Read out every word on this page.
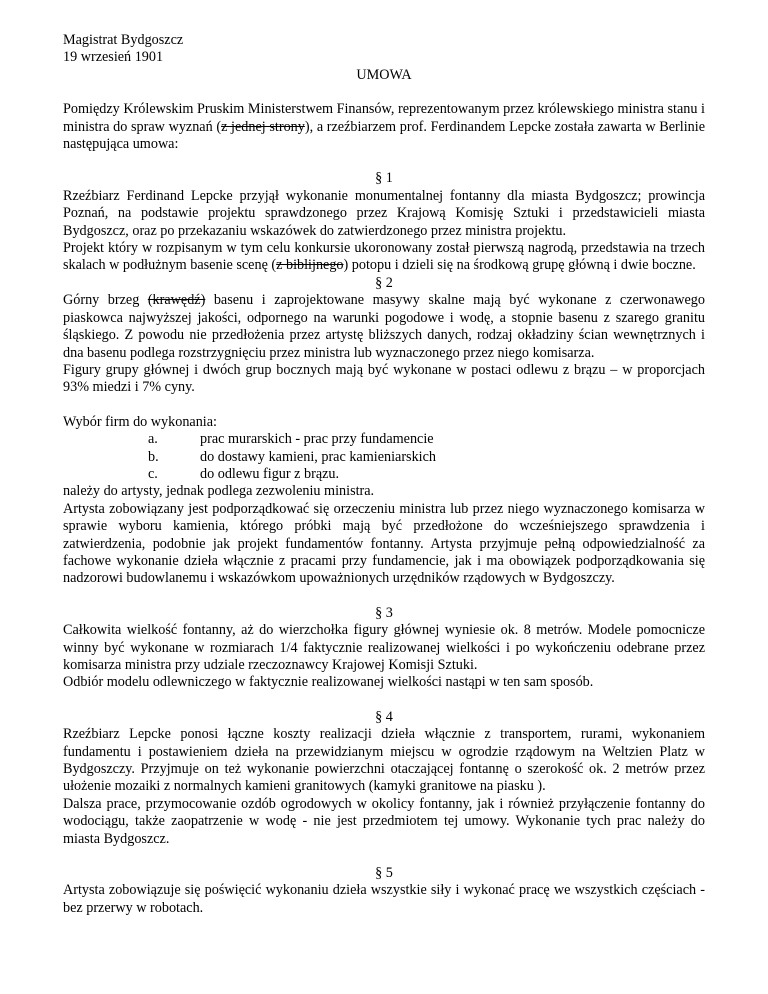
Magistrat Bydgoszcz

19 wrzesień 1901

UMOWA

Pomiędzy Królewskim Pruskim Ministerstwem Finansów, reprezentowanym przez królewskiego ministra stanu i ministra do spraw wyznań (z jednej strony), a rzeźbiarzem prof. Ferdinandem Lepcke została zawarta w Berlinie następująca umowa:

§ 1

Rzeźbiarz Ferdinand Lepcke przyjął wykonanie monumentalnej fontanny dla miasta Bydgoszcz; prowincja Poznań, na podstawie projektu sprawdzonego przez Krajową Komisję Sztuki i przedstawicieli miasta Bydgoszcz, oraz po przekazaniu wskazówek do zatwierdzonego przez ministra projektu.

Projekt który w rozpisanym w tym celu konkursie ukoronowany został pierwszą nagrodą, przedstawia na trzech skalach w podłużnym basenie scenę (z biblijnego) potopu i dzieli się na środkową grupę główną i dwie boczne.

§ 2

Górny brzeg (krawędź) basenu i zaprojektowane masywy skalne mają być wykonane z czerwonawego piaskowca najwyższej jakości, odpornego na warunki pogodowe i wodę, a stopnie basenu z szarego granitu śląskiego. Z powodu nie przedłożenia przez artystę bliższych danych, rodzaj okładziny ścian wewnętrznych i dna basenu podlega rozstrzygnięciu przez ministra lub wyznaczonego przez niego komisarza.

Figury grupy głównej i dwóch grup bocznych mają być wykonane w postaci odlewu z brązu – w proporcjach 93% miedzi i 7% cyny.

Wybór firm do wykonania:

a.	prac murarskich - prac przy fundamencie
b.	do dostawy kamieni, prac kamieniarskich
c.	do odlewu figur z brązu.

należy do artysty, jednak podlega zezwoleniu ministra.

Artysta zobowiązany jest podporządkować się orzeczeniu ministra lub przez niego wyznaczonego komisarza w sprawie wyboru kamienia, którego próbki mają być przedłożone do wcześniejszego sprawdzenia i zatwierdzenia, podobnie jak projekt fundamentów fontanny. Artysta przyjmuje pełną odpowiedzialność za fachowe wykonanie dzieła włącznie z pracami przy fundamencie, jak i ma obowiązek podporządkowania się nadzorowi budowlanemu i wskazówkom upoważnionych urzędników rządowych w Bydgoszczy.

§ 3

Całkowita wielkość fontanny, aż do wierzchołka figury głównej wyniesie ok. 8 metrów. Modele pomocnicze winny być wykonane w rozmiarach 1/4 faktycznie realizowanej wielkości i po wykończeniu odebrane przez komisarza ministra przy udziale rzeczoznawcy Krajowej Komisji Sztuki.

Odbiór modelu odlewniczego w faktycznie realizowanej wielkości nastąpi w ten sam sposób.

§ 4

Rzeźbiarz Lepcke ponosi łączne koszty realizacji dzieła włącznie z transportem, rurami, wykonaniem fundamentu i postawieniem dzieła na przewidzianym miejscu w ogrodzie rządowym na Weltzien Platz w Bydgoszczy. Przyjmuje on też wykonanie powierzchni otaczającej fontannę o szerokość ok. 2 metrów przez ułożenie mozaiki z normalnych kamieni granitowych (kamyki granitowe na piasku ).

Dalsza prace, przymocowanie ozdób ogrodowych w okolicy fontanny, jak i również przyłączenie fontanny do wodociągu, także zaopatrzenie w wodę - nie jest przedmiotem tej umowy. Wykonanie tych prac należy do miasta Bydgoszcz.

§ 5

Artysta zobowiązuje się poświęcić wykonaniu dzieła wszystkie siły i wykonać pracę we wszystkich częściach - bez przerwy w robotach.
